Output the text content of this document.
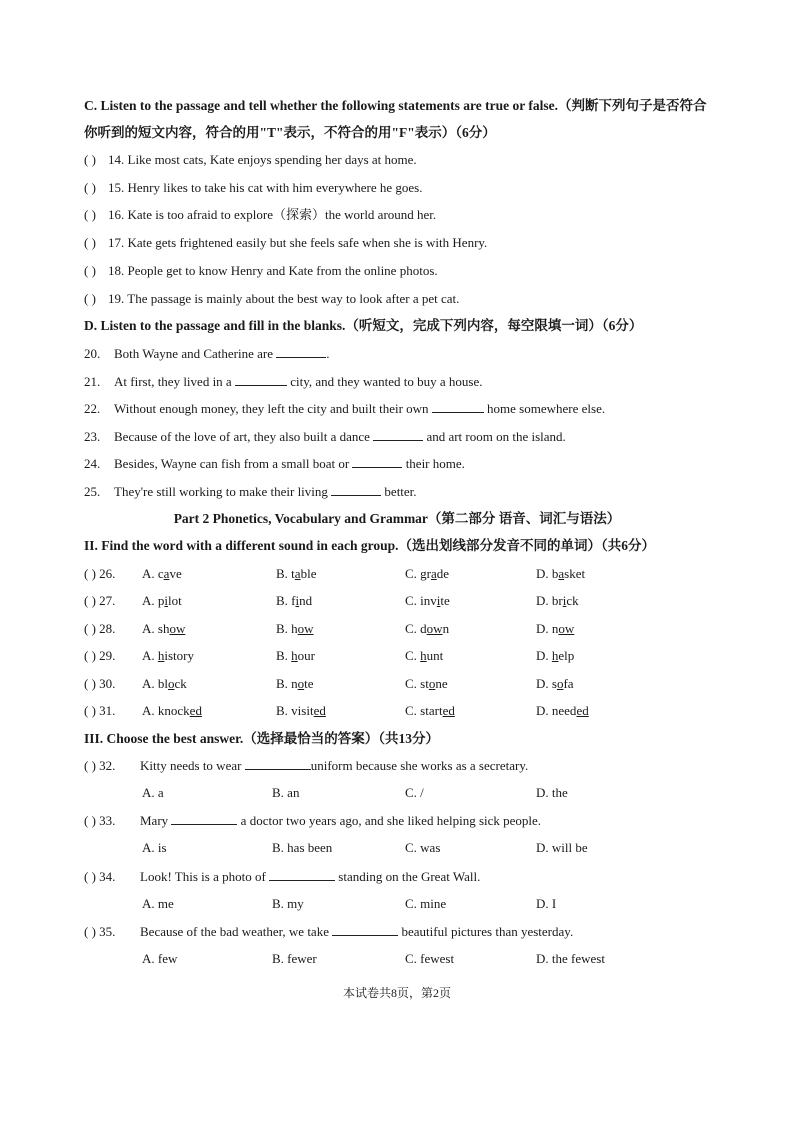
C. Listen to the passage and tell whether the following statements are true or false.（判断下列句子是否符合
你听到的短文内容，符合的用"T"表示，不符合的用"F"表示）（6分）
( ) 14. Like most cats, Kate enjoys spending her days at home.
( ) 15. Henry likes to take his cat with him everywhere he goes.
( ) 16. Kate is too afraid to explore（探索）the world around her.
( ) 17. Kate gets frightened easily but she feels safe when she is with Henry.
( ) 18. People get to know Henry and Kate from the online photos.
( ) 19. The passage is mainly about the best way to look after a pet cat.
D. Listen to the passage and fill in the blanks.（听短文，完成下列内容，每空限填一词）（6分）
20. Both Wayne and Catherine are	.
21. At first, they lived in a	city, and they wanted to buy a house.
22. Without enough money, they left the city and built their own	home somewhere else.
23. Because of the love of art, they also built a dance	and art room on the island.
24. Besides, Wayne can fish from a small boat or	their home.
25. They're still working to make their living	better.
Part 2 Phonetics, Vocabulary and Grammar（第二部分 语音、词汇与语法）
II. Find the word with a different sound in each group.（选出划线部分发音不同的单词）（共6分）
( ) 26. A. cave	B. table	C. grade	D. basket
( ) 27. A. pilot	B. find	C. invite	D. brick
( ) 28. A. show	B. how	C. down	D. now
( ) 29. A. history	B. hour	C. hunt	D. help
( ) 30. A. block	B. note	C. stone	D. sofa
( ) 31. A. knocked	B. visited	C. started	D. needed
III. Choose the best answer.（选择最恰当的答案）（共13分）
( ) 32. Kitty needs to wear	uniform because she works as a secretary.
A. a	B. an	C. /	D. the
( ) 33. Mary	a doctor two years ago, and she liked helping sick people.
A. is	B. has been	C. was	D. will be
( ) 34. Look! This is a photo of	standing on the Great Wall.
A. me	B. my	C. mine	D. I
( ) 35. Because of the bad weather, we take	beautiful pictures than yesterday.
A. few	B. fewer	C. fewest	D. the fewest
本试卷共8页，第2页
